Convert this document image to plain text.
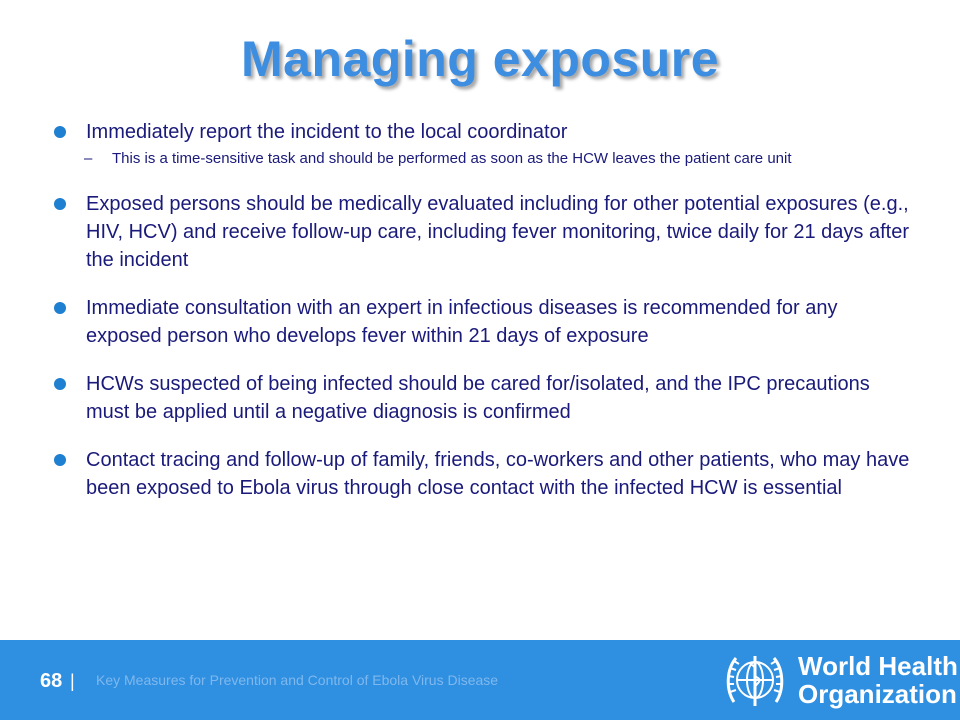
Managing exposure
Immediately report the incident to the local coordinator
– This is a time-sensitive task and should be performed as soon as the HCW leaves the patient care unit
Exposed persons should be medically evaluated including for other potential exposures (e.g., HIV, HCV) and receive follow-up care, including fever monitoring, twice daily for 21 days after the incident
Immediate consultation with an expert in infectious diseases is recommended for any exposed person who develops fever within 21 days of exposure
HCWs suspected of being infected should be cared for/isolated, and the IPC precautions must be applied until a negative diagnosis is confirmed
Contact tracing and follow-up of family, friends, co-workers and other patients, who may have been exposed to Ebola virus through close contact with the infected HCW is essential
68 | Key Measures for Prevention and Control of Ebola Virus Disease	World Health
Organization
